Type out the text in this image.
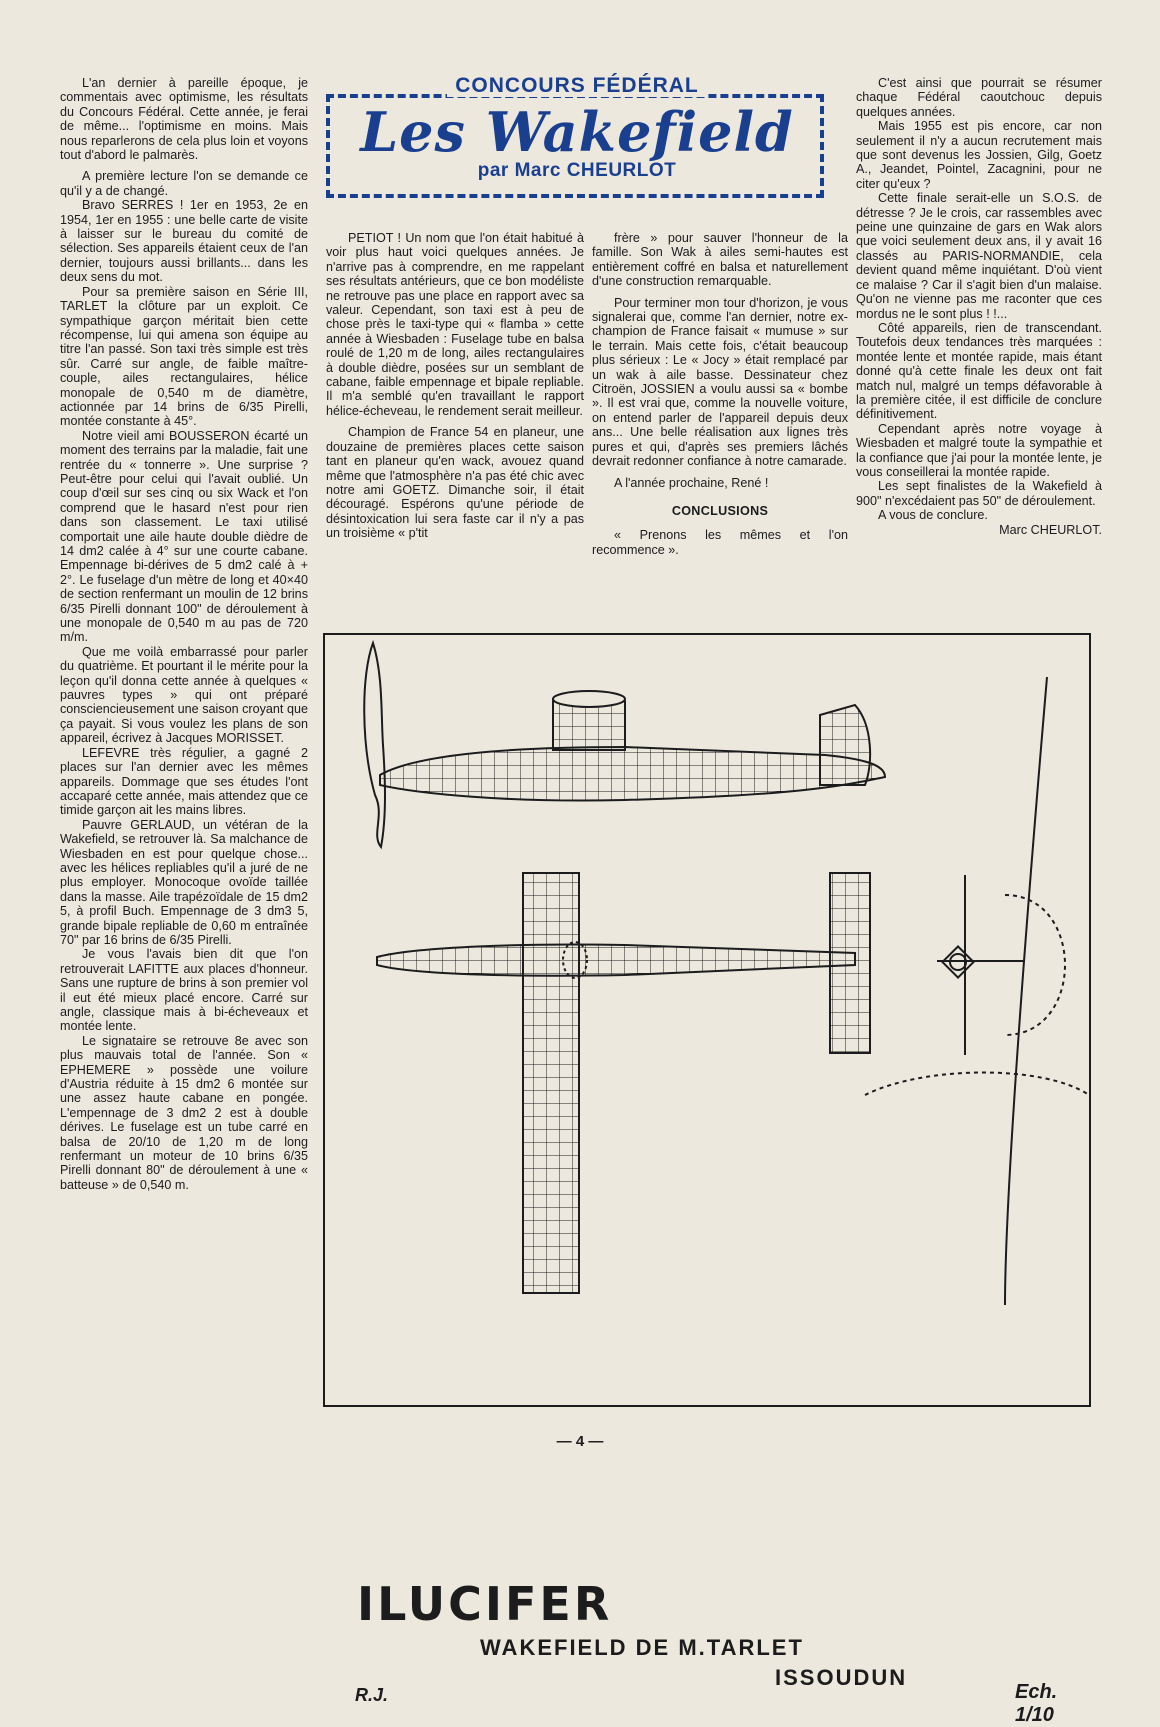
CONCOURS FÉDÉRAL
Les Wakefield
par Marc CHEURLOT

L'an dernier à pareille époque, je commentais avec optimisme, les résultats du Concours Fédéral. Cette année, je ferai de même... l'optimisme en moins. Mais nous reparlerons de cela plus loin et voyons tout d'abord le palmarès.

A première lecture l'on se demande ce qu'il y a de changé.

Bravo SERRES ! 1er en 1953, 2e en 1954, 1er en 1955 : une belle carte de visite à laisser sur le bureau du comité de sélection. Ses appareils étaient ceux de l'an dernier, toujours aussi brillants... dans les deux sens du mot.

Pour sa première saison en Série III, TARLET la clôture par un exploit. Ce sympathique garçon méritait bien cette récompense, lui qui amena son équipe au titre l'an passé. Son taxi très simple est très sûr. Carré sur angle, de faible maître-couple, ailes rectangulaires, hélice monopale de 0,540 m de diamètre, actionnée par 14 brins de 6/35 Pirelli, montée constante à 45°.

Notre vieil ami BOUSSERON écarté un moment des terrains par la maladie, fait une rentrée du « tonnerre ». Une surprise ? Peut-être pour celui qui l'avait oublié. Un coup d'œil sur ses cinq ou six Wack et l'on comprend que le hasard n'est pour rien dans son classement. Le taxi utilisé comportait une aile haute double dièdre de 14 dm2 calée à 4° sur une courte cabane. Empennage bi-dérives de 5 dm2 calé à + 2°. Le fuselage d'un mètre de long et 40×40 de section renfermant un moulin de 12 brins 6/35 Pirelli donnant 100" de déroulement à une monopale de 0,540 m au pas de 720 m/m.

Que me voilà embarrassé pour parler du quatrième. Et pourtant il le mérite pour la leçon qu'il donna cette année à quelques « pauvres types » qui ont préparé consciencieusement une saison croyant que ça payait. Si vous voulez les plans de son appareil, écrivez à Jacques MORISSET.

LEFEVRE très régulier, a gagné 2 places sur l'an dernier avec les mêmes appareils. Dommage que ses études l'ont accaparé cette année, mais attendez que ce timide garçon ait les mains libres.

Pauvre GERLAUD, un vétéran de la Wakefield, se retrouver là. Sa malchance de Wiesbaden en est pour quelque chose... avec les hélices repliables qu'il a juré de ne plus employer. Monocoque ovoïde taillée dans la masse. Aile trapézoïdale de 15 dm2 5, à profil Buch. Empennage de 3 dm3 5, grande bipale repliable de 0,60 m entraînée 70" par 16 brins de 6/35 Pirelli.

Je vous l'avais bien dit que l'on retrouverait LAFITTE aux places d'honneur. Sans une rupture de brins à son premier vol il eut été mieux placé encore. Carré sur angle, classique mais à bi-écheveaux et montée lente.

Le signataire se retrouve 8e avec son plus mauvais total de l'année. Son « EPHEMERE » possède une voilure d'Austria réduite à 15 dm2 6 montée sur une assez haute cabane en pongée. L'empennage de 3 dm2 2 est à double dérives. Le fuselage est un tube carré en balsa de 20/10 de 1,20 m de long renfermant un moteur de 10 brins 6/35 Pirelli donnant 80" de déroulement à une « batteuse » de 0,540 m.

PETIOT ! Un nom que l'on était habitué à voir plus haut voici quelques années. Je n'arrive pas à comprendre, en me rappelant ses résultats antérieurs, que ce bon modéliste ne retrouve pas une place en rapport avec sa valeur. Cependant, son taxi est à peu de chose près le taxi-type qui « flamba » cette année à Wiesbaden : Fuselage tube en balsa roulé de 1,20 m de long, ailes rectangulaires à double dièdre, posées sur un semblant de cabane, faible empennage et bipale repliable. Il m'a semblé qu'en travaillant le rapport hélice-écheveau, le rendement serait meilleur.

Champion de France 54 en planeur, une douzaine de premières places cette saison tant en planeur qu'en wack, avouez quand même que l'atmosphère n'a pas été chic avec notre ami GOETZ. Dimanche soir, il était découragé. Espérons qu'une période de désintoxication lui sera faste car il n'y a pas un troisième « p'tit

frère » pour sauver l'honneur de la famille. Son Wak à ailes semi-hautes est entièrement coffré en balsa et naturellement d'une construction remarquable.

Pour terminer mon tour d'horizon, je vous signalerai que, comme l'an dernier, notre ex-champion de France faisait « mumuse » sur le terrain. Mais cette fois, c'était beaucoup plus sérieux : Le « Jocy » était remplacé par un wak à aile basse. Dessinateur chez Citroën, JOSSIEN a voulu aussi sa « bombe ». Il est vrai que, comme la nouvelle voiture, on entend parler de l'appareil depuis deux ans... Une belle réalisation aux lignes très pures et qui, d'après ses premiers lâchés devrait redonner confiance à notre camarade.

A l'année prochaine, René !

CONCLUSIONS

« Prenons les mêmes et l'on recommence ».

C'est ainsi que pourrait se résumer chaque Fédéral caoutchouc depuis quelques années.

Mais 1955 est pis encore, car non seulement il n'y a aucun recrutement mais que sont devenus les Jossien, Gilg, Goetz A., Jeandet, Pointel, Zacagnini, pour ne citer qu'eux ?

Cette finale serait-elle un S.O.S. de détresse ? Je le crois, car rassembles avec peine une quinzaine de gars en Wak alors que voici seulement deux ans, il y avait 16 classés au PARIS-NORMANDIE, cela devient quand même inquiétant. D'où vient ce malaise ? Car il s'agit bien d'un malaise. Qu'on ne vienne pas me raconter que ces mordus ne le sont plus ! !...

Côté appareils, rien de transcendant. Toutefois deux tendances très marquées : montée lente et montée rapide, mais étant donné qu'à cette finale les deux ont fait match nul, malgré un temps défavorable à la première citée, il est difficile de conclure définitivement.

Cependant après notre voyage à Wiesbaden et malgré toute la sympathie et la confiance que j'ai pour la montée lente, je vous conseillerai la montée rapide.

Les sept finalistes de la Wakefield à 900" n'excédaient pas 50" de déroulement.

A vous de conclure.

Marc CHEURLOT.

ILUCIFER
WAKEFIELD DE M.TARLET
ISSOUDUN
Ech. 1/10
R.J.
— 4 —
